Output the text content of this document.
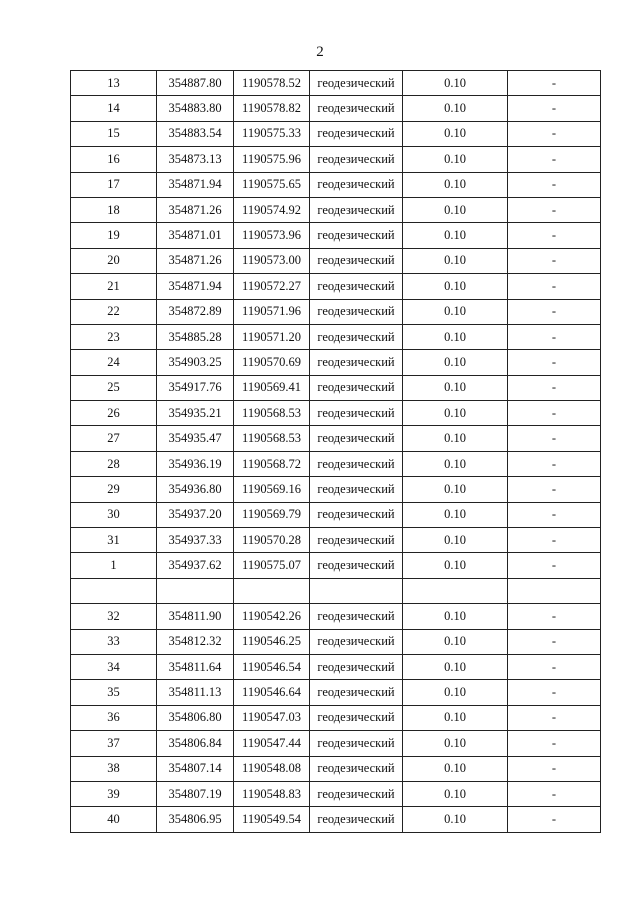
2
13	354887.80	1190578.52	геодезический	0.10	-
14	354883.80	1190578.82	геодезический	0.10	-
15	354883.54	1190575.33	геодезический	0.10	-
16	354873.13	1190575.96	геодезический	0.10	-
17	354871.94	1190575.65	геодезический	0.10	-
18	354871.26	1190574.92	геодезический	0.10	-
19	354871.01	1190573.96	геодезический	0.10	-
20	354871.26	1190573.00	геодезический	0.10	-
21	354871.94	1190572.27	геодезический	0.10	-
22	354872.89	1190571.96	геодезический	0.10	-
23	354885.28	1190571.20	геодезический	0.10	-
24	354903.25	1190570.69	геодезический	0.10	-
25	354917.76	1190569.41	геодезический	0.10	-
26	354935.21	1190568.53	геодезический	0.10	-
27	354935.47	1190568.53	геодезический	0.10	-
28	354936.19	1190568.72	геодезический	0.10	-
29	354936.80	1190569.16	геодезический	0.10	-
30	354937.20	1190569.79	геодезический	0.10	-
31	354937.33	1190570.28	геодезический	0.10	-
1	354937.62	1190575.07	геодезический	0.10	-

32	354811.90	1190542.26	геодезический	0.10	-
33	354812.32	1190546.25	геодезический	0.10	-
34	354811.64	1190546.54	геодезический	0.10	-
35	354811.13	1190546.64	геодезический	0.10	-
36	354806.80	1190547.03	геодезический	0.10	-
37	354806.84	1190547.44	геодезический	0.10	-
38	354807.14	1190548.08	геодезический	0.10	-
39	354807.19	1190548.83	геодезический	0.10	-
40	354806.95	1190549.54	геодезический	0.10	-
